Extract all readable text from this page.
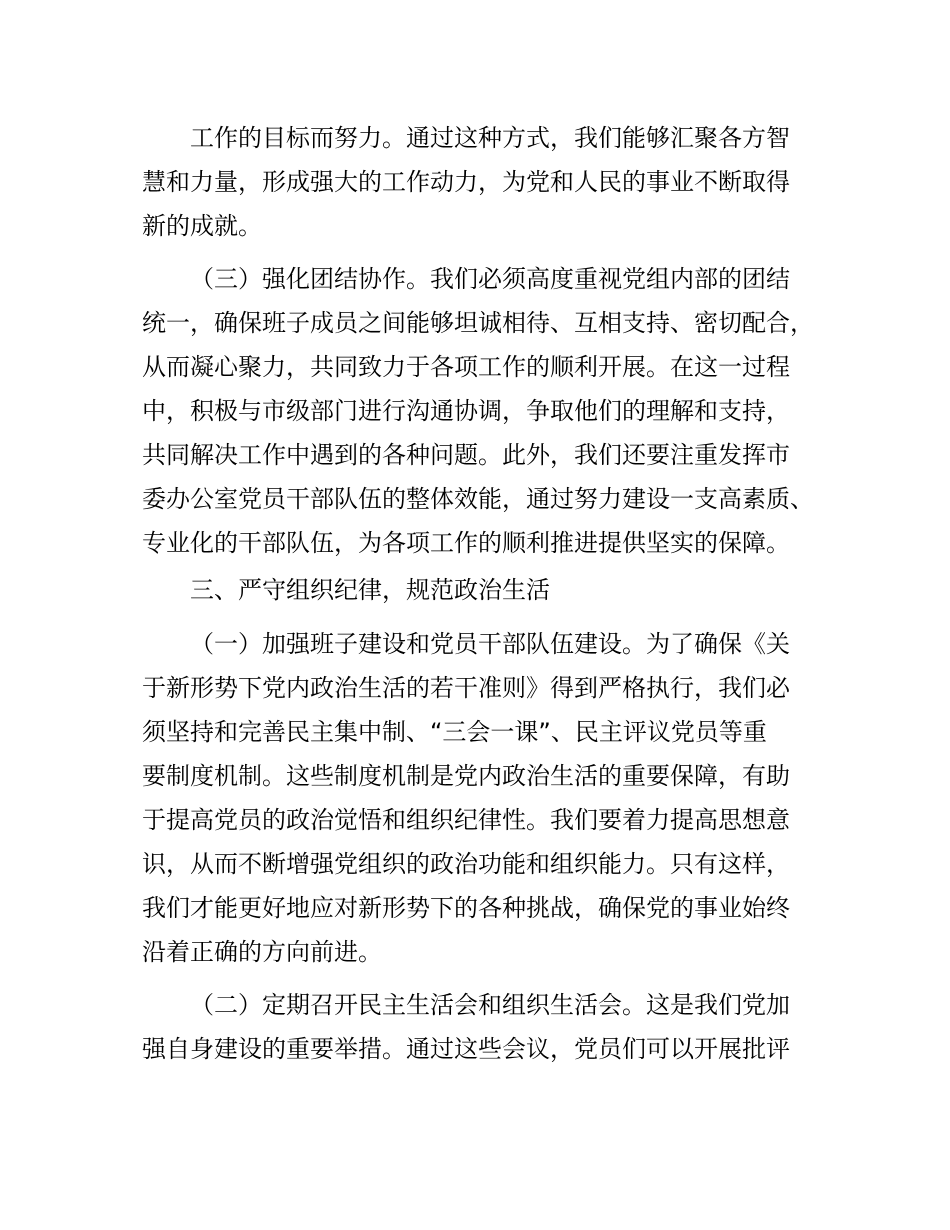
工作的目标而努力。通过这种方式，我们能够汇聚各方智
慧和力量，形成强大的工作动力，为党和人民的事业不断取得
新的成就。
（三）强化团结协作。我们必须高度重视党组内部的团结
统一，确保班子成员之间能够坦诚相待、互相支持、密切配合，
从而凝心聚力，共同致力于各项工作的顺利开展。在这一过程
中，积极与市级部门进行沟通协调，争取他们的理解和支持，
共同解决工作中遇到的各种问题。此外，我们还要注重发挥市
委办公室党员干部队伍的整体效能，通过努力建设一支高素质、
专业化的干部队伍，为各项工作的顺利推进提供坚实的保障。
三、严守组织纪律，规范政治生活
（一）加强班子建设和党员干部队伍建设。为了确保《关
于新形势下党内政治生活的若干准则》得到严格执行，我们必
须坚持和完善民主集中制、“三会一课”、民主评议党员等重
要制度机制。这些制度机制是党内政治生活的重要保障，有助
于提高党员的政治觉悟和组织纪律性。我们要着力提高思想意
识，从而不断增强党组织的政治功能和组织能力。只有这样，
我们才能更好地应对新形势下的各种挑战，确保党的事业始终
沿着正确的方向前进。
（二）定期召开民主生活会和组织生活会。这是我们党加
强自身建设的重要举措。通过这些会议，党员们可以开展批评
